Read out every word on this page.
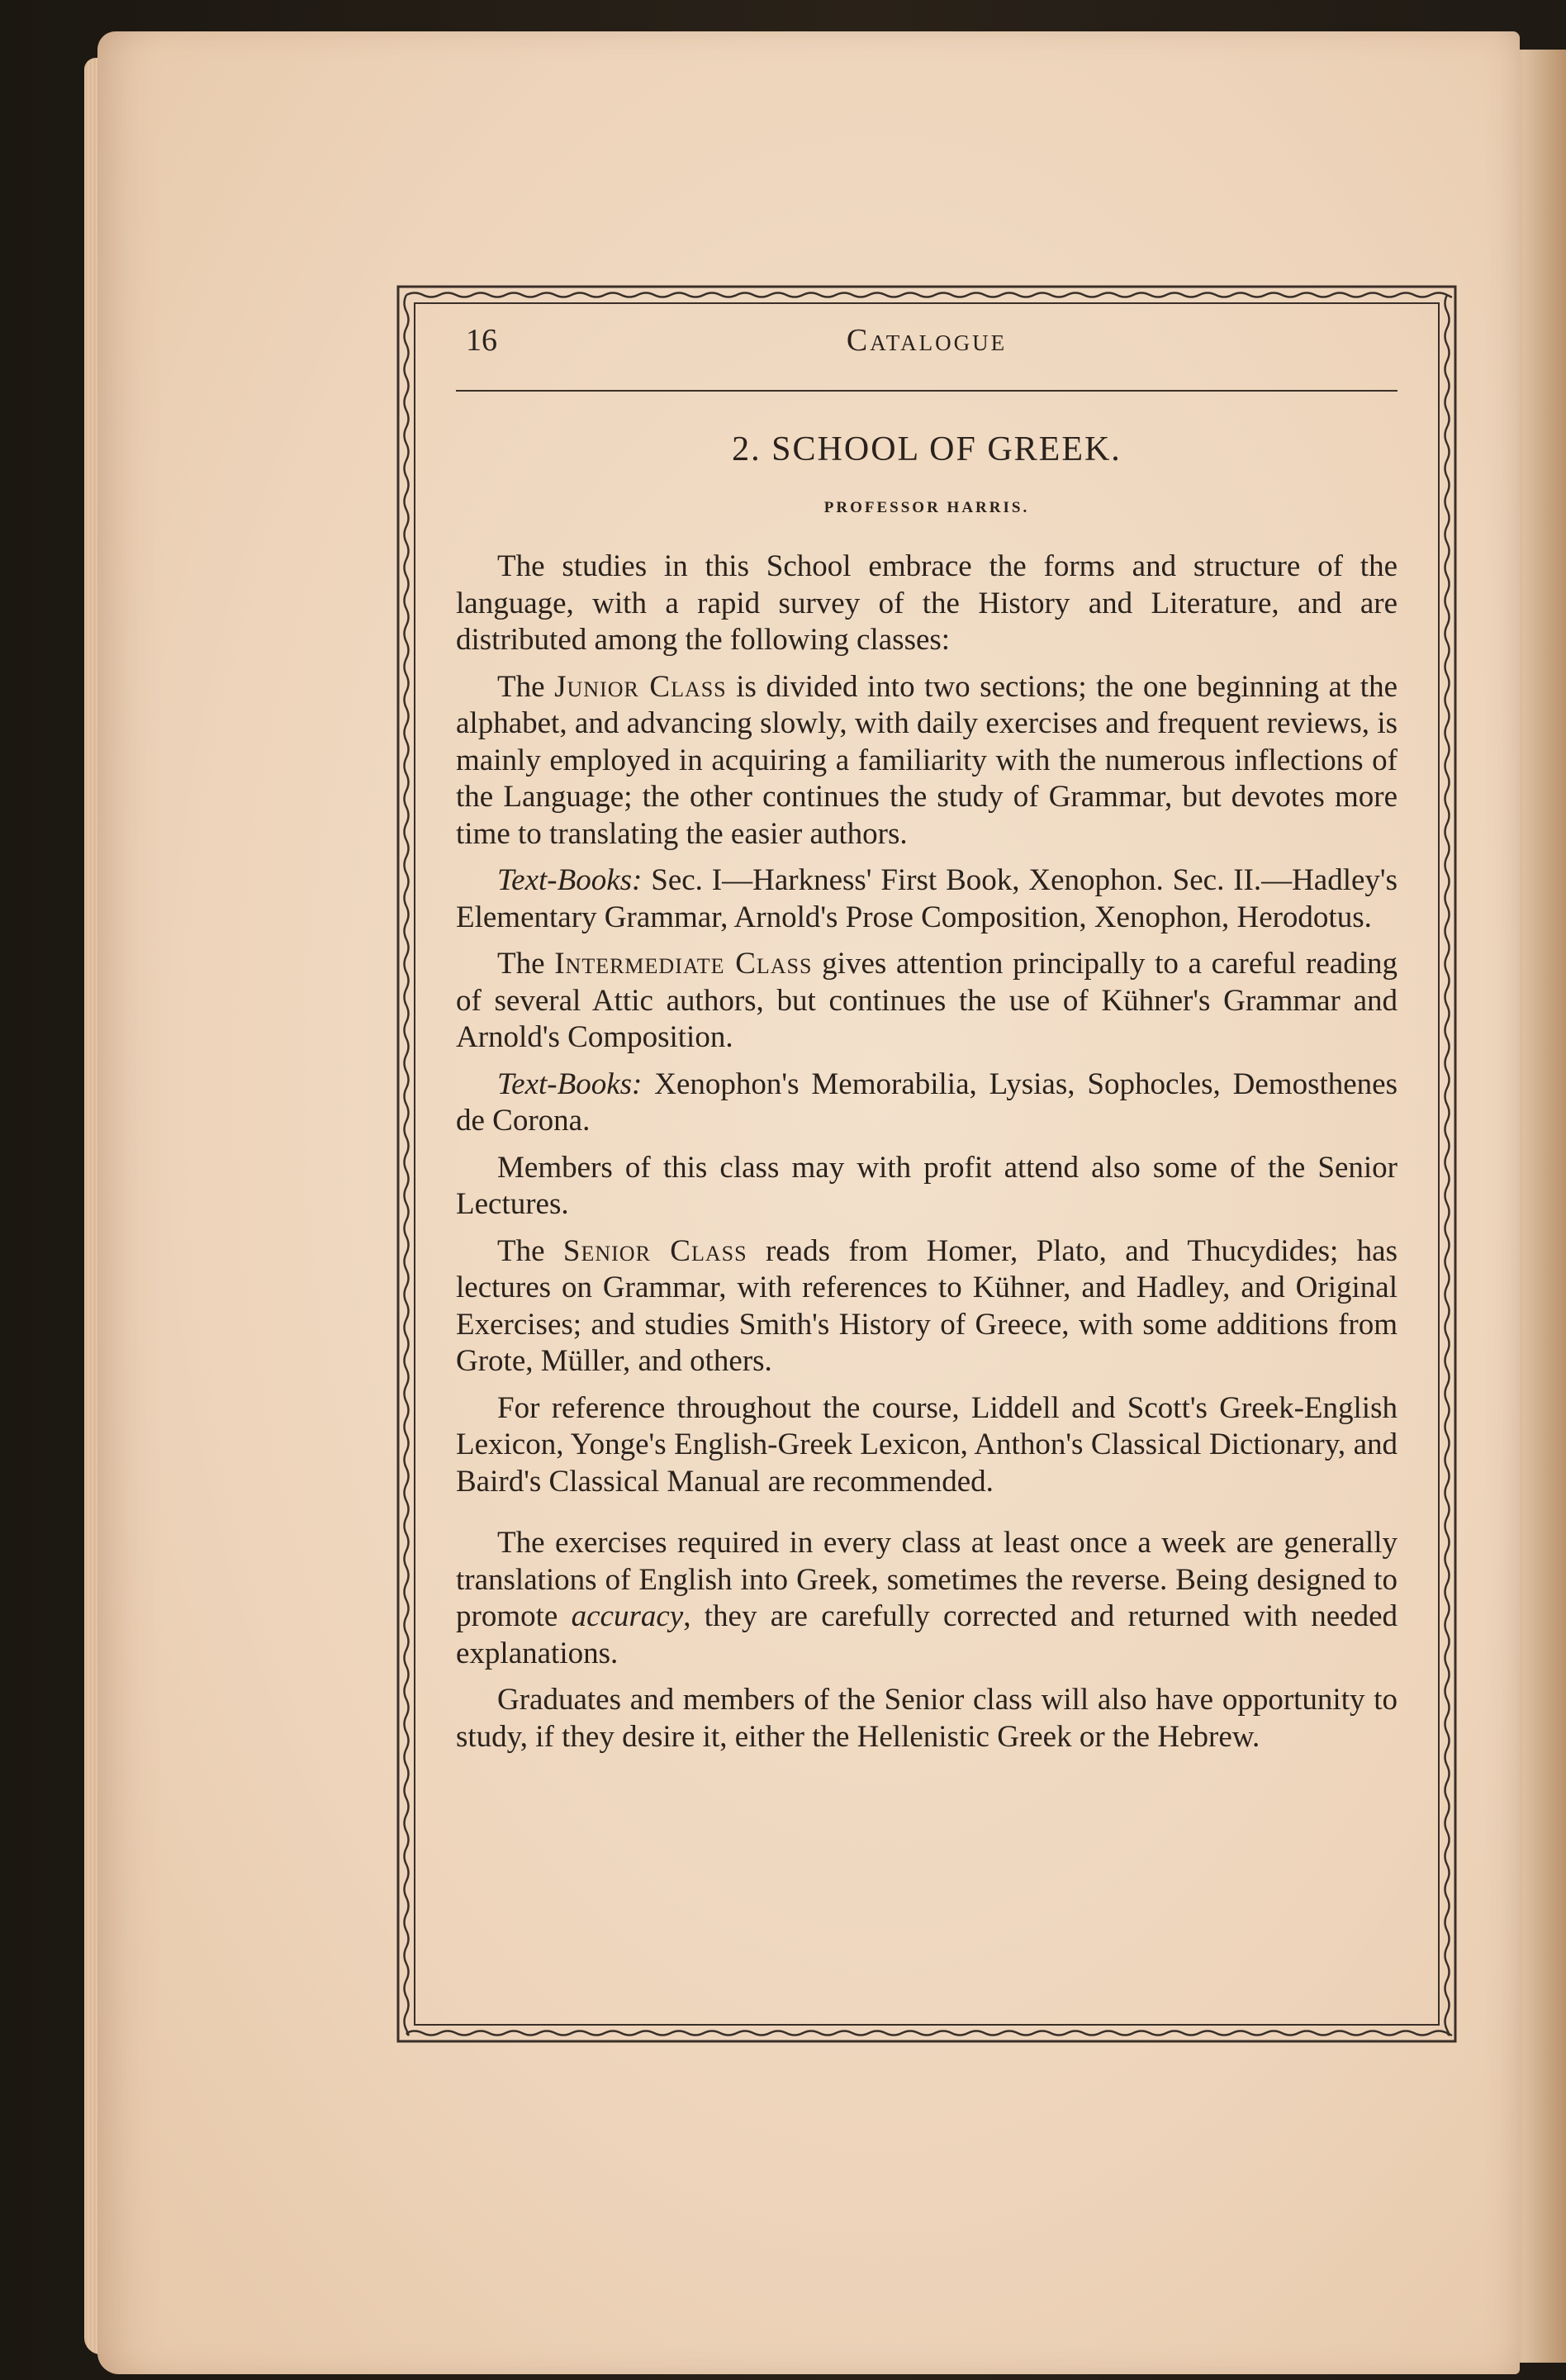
16	Catalogue
2. SCHOOL OF GREEK.
PROFESSOR HARRIS.

The studies in this School embrace the forms and structure of the language, with a rapid survey of the History and Literature, and are distributed among the following classes:

The Junior Class is divided into two sections; the one beginning at the alphabet, and advancing slowly, with daily exercises and frequent reviews, is mainly employed in acquiring a familiarity with the numerous inflections of the Language; the other continues the study of Grammar, but devotes more time to translating the easier authors.

Text-Books: Sec. I—Harkness' First Book, Xenophon. Sec. II.—Hadley's Elementary Grammar, Arnold's Prose Composition, Xenophon, Herodotus.

The Intermediate Class gives attention principally to a careful reading of several Attic authors, but continues the use of Kühner's Grammar and Arnold's Composition.

Text-Books: Xenophon's Memorabilia, Lysias, Sophocles, Demosthenes de Corona.

Members of this class may with profit attend also some of the Senior Lectures.

The Senior Class reads from Homer, Plato, and Thucydides; has lectures on Grammar, with references to Kühner, and Hadley, and Original Exercises; and studies Smith's History of Greece, with some additions from Grote, Müller, and others.

For reference throughout the course, Liddell and Scott's Greek-English Lexicon, Yonge's English-Greek Lexicon, Anthon's Classical Dictionary, and Baird's Classical Manual are recommended.

The exercises required in every class at least once a week are generally translations of English into Greek, sometimes the reverse. Being designed to promote accuracy, they are carefully corrected and returned with needed explanations.

Graduates and members of the Senior class will also have opportunity to study, if they desire it, either the Hellenistic Greek or the Hebrew.
